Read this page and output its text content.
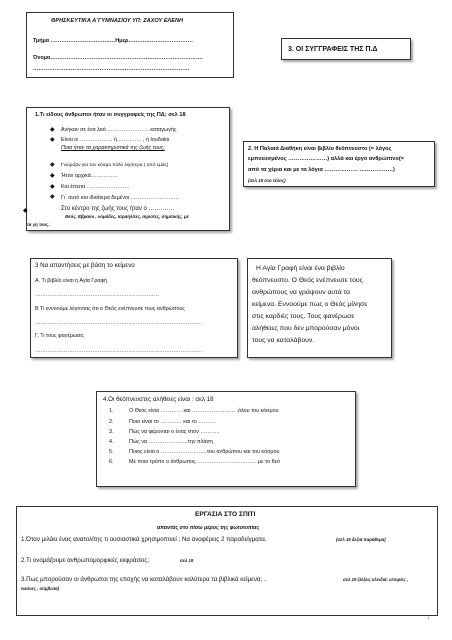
ΘΡΗΣΚΕΥΤΙΚΑ Α΄ΓΥΜΝΑΣΙΟΥ ΥΠ: ΖΑΧΟΥ ΕΛΕΝΗ
Τμήμα ………………………………Ημερ………………………………
Όνομα………………………………………………………………………….
……………………………………………………………………………
3. ΟΙ ΣΥΓΓΡΑΦΕΙΣ ΤΗΣ Π.Δ
1.Τι είδους άνθρωποι ήταν οι συγγραφείς της ΠΔ; σελ 18
◆ Ανήκαν σε ένα λαό ……………………καταγωγής
◆ Είναι οι ……………… ή …………. , ή Ιουδαίοι
Ποια ήταν τα χαρακτηριστικά της ζωής τους;
◆ Γνώριζαν για τον κόσμο πολύ λιγότερα ( από εμάς)
◆ Ήταν αρχικά……………
◆ Και έπειτα ……………………
◆ Γι΄ αυτό και ιδιαίτερα δεμένοι ………………………
Στο κέντρο της ζωής τους ήταν ο ………….
◆
Θεός, Εβραίοι , νομάδες, Ισραηλίτες, αγρότες, σημιτικής, με
τα γη τους.
2. Η Παλαιά Διαθήκη είναι βιβλίο θεόπνευστο (= λόγος
εμπνευσμένος …………………) αλλά και έργο ανθρώπινο(=
από τα χέρια και με τα λόγια ……………… ………………)
(σελ 19 στο τέλος)
3 Να απαντήσεις με βάση το κείμενο
Α. Τι βιβλίο είναι η Αγία Γραφή
……………………………………………………………
Β Τι εννοούμε λέγοντας ότι ο Θεός ενέπνευσε τους ανθρώπους
…………………………………………………………………………………
Γ. Τι τους φανέρωσε;
…………………………………………………………………………………
Η Αγία Γραφή είναι ένα βιβλίο
θεόπνευστο. Ο Θεός ενέπνευσε τους
ανθρώπους να γράψουν αυτά τα
κείμενα. Εννοούμε πως ο Θεός μίλησε
στις καρδιές τους. Τους φανέρωσε
αλήθειες που δεν μπορούσαν μόνοι
τους να καταλάβουν.
4.Οι θεόπνευστες αλήθειες είναι : σελ 18
1.	Ο Θεός είναι ………… και …………………… .όλου του κόσμου
2.	Ποιο είναι το ………… και το ……….
3.	Πώς να φέρονται ο ένας στον ………..
4.	Πώς να ………………….την πλάση
5.	Ποιος είναι ο ……………………..του ανθρώπου και του κόσμου
6.	Με ποιο τρόπο ο άνθρωπος …………………………… με το θεό
ΕΡΓΑΣΙΑ ΣΤΟ ΣΠΙΤΙ
απαντάς στο πίσω μέρος της φωτοτυπίας
1.Όταν μιλάει ένας ανατολίτης τι ουσιαστικά χρησιμοποιεί ; Να αναφέρεις 2 παραδείγματα.	(σελ 19 δεξιά παράθεμα)
2.Τι ονομάζουμε ανθρωπομορφικές εκφράσεις;	σελ 19
3.Πως μπορούσαν οι άνθρωποι της εποχής να καταλάβουν καλύτερα τα βιβλικά κείμενα; .	σελ 19 (λέξεις κλειδιά: ιστορίες ,
εικόνες , σύμβολα)
1
